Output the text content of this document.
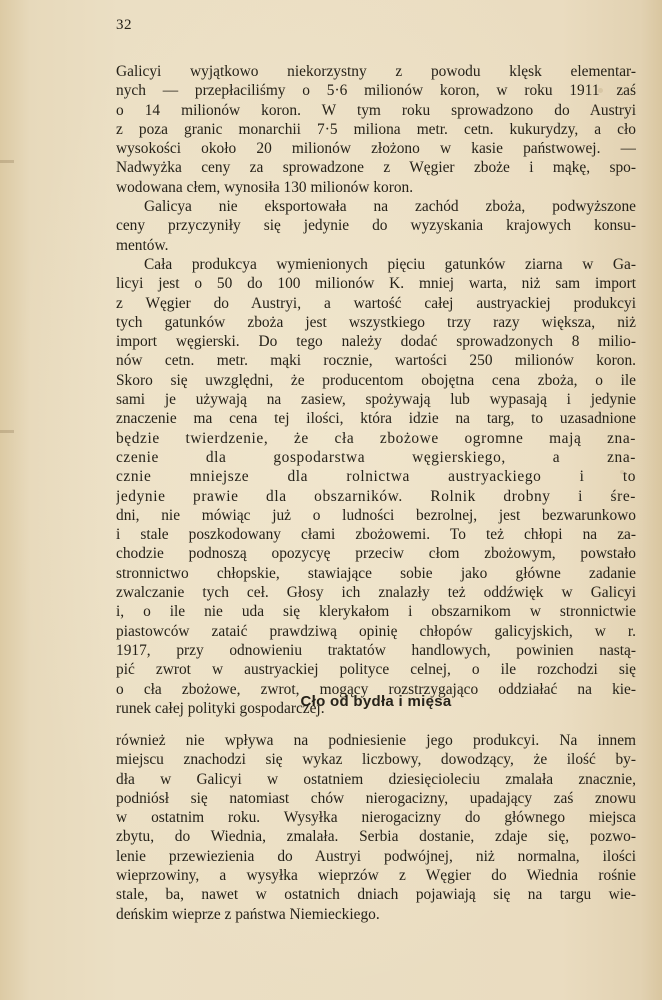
32
Galicyi wyjątkowo niekorzystny z powodu klęsk elementar-
nych — przepłaciliśmy o 5·6 milionów koron, w roku 1911 zaś
o 14 milionów koron. W tym roku sprowadzono do Austryi
z poza granic monarchii 7·5 miliona metr. cetn. kukurydzy, a cło
wysokości około 20 milionów złożono w kasie państwowej. —
Nadwyżka ceny za sprowadzone z Węgier zboże i mąkę, spo-
wodowana cłem, wynosiła 130 milionów koron.
Galicya nie eksportowała na zachód zboża, podwyższone
ceny przyczyniły się jedynie do wyzyskania krajowych konsu-
mentów.
Cała produkcya wymienionych pięciu gatunków ziarna w Ga-
licyi jest o 50 do 100 milionów K. mniej warta, niż sam import
z Węgier do Austryi, a wartość całej austryackiej produkcyi
tych gatunków zboża jest wszystkiego trzy razy większa, niż
import węgierski. Do tego należy dodać sprowadzonych 8 milio-
nów cetn. metr. mąki rocznie, wartości 250 milionów koron.
Skoro się uwzględni, że producentom obojętna cena zboża, o ile
sami je używają na zasiew, spożywają lub wypasają i jedynie
znaczenie ma cena tej ilości, która idzie na targ, to uzasadnione
będzie twierdzenie, że cła zbożowe ogromne mają zna-
czenie dla gospodarstwa węgierskiego, a zna-
cznie mniejsze dla rolnictwa austryackiego i to
jedynie prawie dla obszarników. Rolnik drobny i śre-
dni, nie mówiąc już o ludności bezrolnej, jest bezwarunkowo
i stale poszkodowany cłami zbożowemi. To też chłopi na za-
chodzie podnoszą opozycyę przeciw cłom zbożowym, powstało
stronnictwo chłopskie, stawiające sobie jako główne zadanie
zwalczanie tych ceł. Głosy ich znalazły też oddźwięk w Galicyi
i, o ile nie uda się klerykałom i obszarnikom w stronnictwie
piastowców zataić prawdziwą opinię chłopów galicyjskich, w r.
1917, przy odnowieniu traktatów handlowych, powinien nastą-
pić zwrot w austryackiej polityce celnej, o ile rozchodzi się
o cła zbożowe, zwrot, mogący rozstrzygająco oddziałać na kie-
runek całej polityki gospodarczej.
Cło od bydła i mięsa
również nie wpływa na podniesienie jego produkcyi. Na innem
miejscu znachodzi się wykaz liczbowy, dowodzący, że ilość by-
dła w Galicyi w ostatniem dziesięcioleciu zmalała znacznie,
podniósł się natomiast chów nierogacizny, upadający zaś znowu
w ostatnim roku. Wysyłka nierogacizny do głównego miejsca
zbytu, do Wiednia, zmalała. Serbia dostanie, zdaje się, pozwo-
lenie przewiezienia do Austryi podwójnej, niż normalna, ilości
wieprzowiny, a wysyłka wieprzów z Węgier do Wiednia rośnie
stale, ba, nawet w ostatnich dniach pojawiają się na targu wie-
deńskim wieprze z państwa Niemieckiego.
